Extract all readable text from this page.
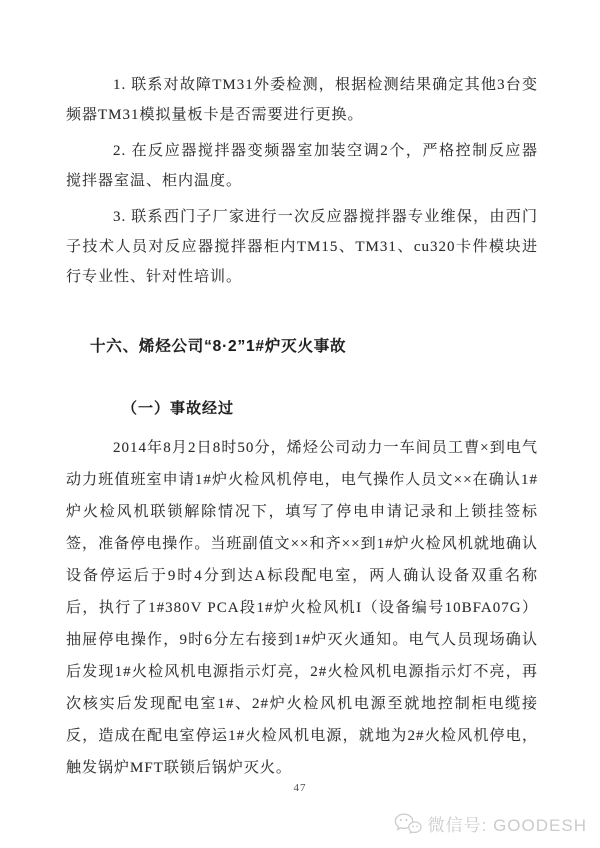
1. 联系对故障TM31外委检测，根据检测结果确定其他3台变频器TM31模拟量板卡是否需要进行更换。

2. 在反应器搅拌器变频器室加装空调2个，严格控制反应器搅拌器室温、柜内温度。

3. 联系西门子厂家进行一次反应器搅拌器专业维保，由西门子技术人员对反应器搅拌器柜内TM15、TM31、cu320卡件模块进行专业性、针对性培训。

十六、烯烃公司“8·2”1#炉灭火事故
（一）事故经过

2014年8月2日8时50分，烯烃公司动力一车间员工曹×到电气动力班值班室申请1#炉火检风机停电，电气操作人员文××在确认1#炉火检风机联锁解除情况下，填写了停电申请记录和上锁挂签标签，准备停电操作。当班副值文××和齐××到1#炉火检风机就地确认设备停运后于9时4分到达A标段配电室，两人确认设备双重名称后，执行了1#380V PCA段1#炉火检风机I（设备编号10BFA07G）抽屉停电操作，9时6分左右接到1#炉灭火通知。电气人员现场确认后发现1#火检风机电源指示灯亮，2#火检风机电源指示灯不亮，再次核实后发现配电室1#、2#炉火检风机电源至就地控制柜电缆接反，造成在配电室停运1#火检风机电源，就地为2#火检风机停电，触发锅炉MFT联锁后锅炉灭火。

47
微信号: GOODESH
